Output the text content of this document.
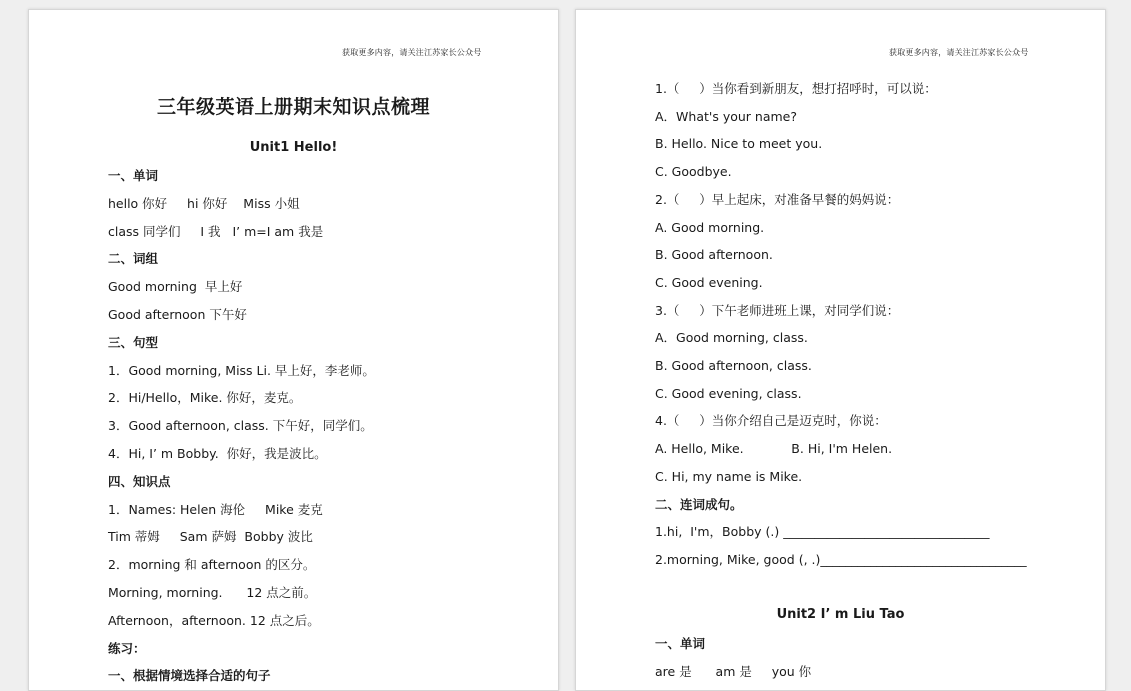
获取更多内容，请关注江苏家长公众号
三年级英语上册期末知识点梳理
Unit1 Hello!
一、单词
hello 你好     hi 你好    Miss 小姐
class 同学们     I 我   I’ m=I am 我是
二、词组
Good morning  早上好
Good afternoon 下午好
三、句型
1．Good morning, Miss Li. 早上好，李老师。
2．Hi/Hello，Mike. 你好，麦克。
3．Good afternoon, class. 下午好，同学们。
4．Hi, I’ m Bobby.  你好，我是波比。
四、知识点
1．Names: Helen 海伦     Mike 麦克
Tim 蒂姆     Sam 萨姆  Bobby 波比
2．morning 和 afternoon 的区分。
Morning, morning.      12 点之前。
Afternoon，afternoon. 12 点之后。
练习：
一、根据情境选择合适的句子
获取更多内容，请关注江苏家长公众号
1.（     ）当你看到新朋友，想打招呼时，可以说：
A．What's your name?
B. Hello. Nice to meet you.
C. Goodbye.
2.（     ）早上起床，对准备早餐的妈妈说：
A. Good morning.
B. Good afternoon.
C. Good evening.
3.（     ）下午老师进班上课，对同学们说：
A．Good morning, class.
B. Good afternoon, class.
C. Good evening, class.
4.（     ）当你介绍自己是迈克时，你说：
A. Hello, Mike.            B. Hi, I'm Helen.
C. Hi, my name is Mike.
二、连词成句。
1.hi,  I'm，Bobby (.) _________________________________
2.morning, Mike, good (, .)_________________________________
Unit2 I’ m Liu Tao
一、单词
are 是      am 是     you 你
